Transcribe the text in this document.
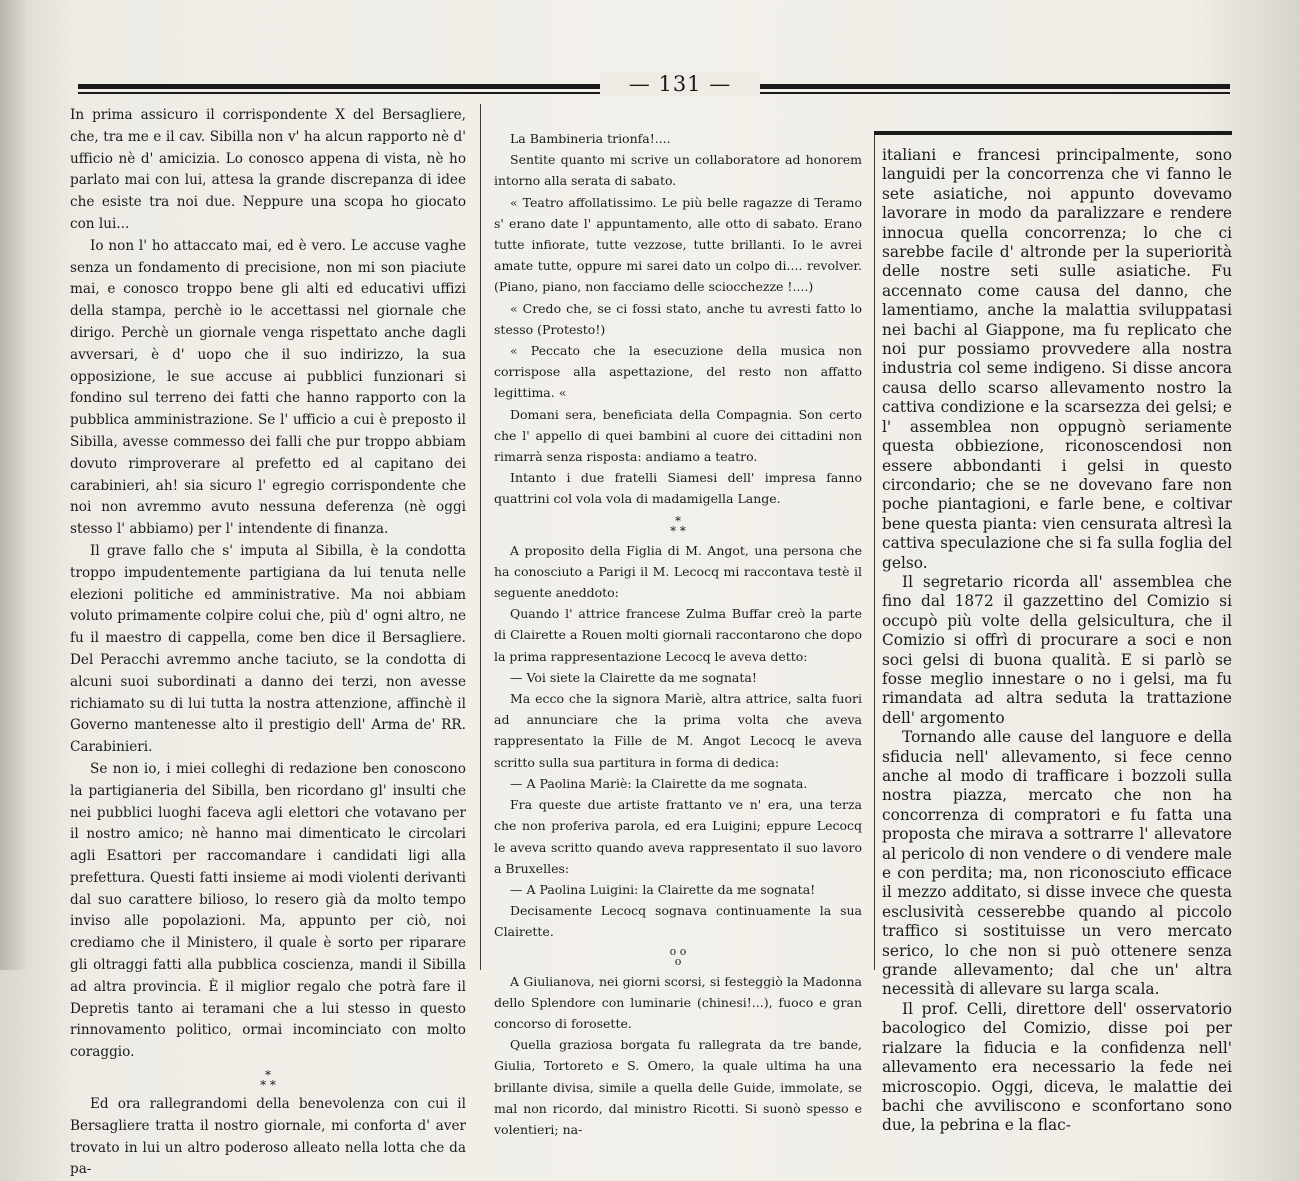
— 131 —

In prima assicuro il corrispondente X del Bersagliere, che, tra me e il cav. Sibilla non v' ha alcun rapporto nè d' ufficio nè d' amicizia. Lo conosco appena di vista, nè ho parlato mai con lui, attesa la grande discrepanza di idee che esiste tra noi due. Neppure una scopa ho giocato con lui...

Io non l' ho attaccato mai, ed è vero. Le accuse vaghe senza un fondamento di precisione, non mi son piaciute mai, e conosco troppo bene gli alti ed educativi uffizi della stampa, perchè io le accettassi nel giornale che dirigo. Perchè un giornale venga rispettato anche dagli avversari, è d' uopo che il suo indirizzo, la sua opposizione, le sue accuse ai pubblici funzionari si fondino sul terreno dei fatti che hanno rapporto con la pubblica amministrazione. Se l' ufficio a cui è preposto il Sibilla, avesse commesso dei falli che pur troppo abbiam dovuto rimproverare al prefetto ed al capitano dei carabinieri, ah! sia sicuro l' egregio corrispondente che noi non avremmo avuto nessuna deferenza (nè oggi stesso l' abbiamo) per l' intendente di finanza.

Il grave fallo che s' imputa al Sibilla, è la condotta troppo impudentemente partigiana da lui tenuta nelle elezioni politiche ed amministrative. Ma noi abbiam voluto primamente colpire colui che, più d' ogni altro, ne fu il maestro di cappella, come ben dice il Bersagliere. Del Peracchi avremmo anche taciuto, se la condotta di alcuni suoi subordinati a danno dei terzi, non avesse richiamato su di lui tutta la nostra attenzione, affinchè il Governo mantenesse alto il prestigio dell' Arma de' RR. Carabinieri.

Se non io, i miei colleghi di redazione ben conoscono la partigianeria del Sibilla, ben ricordano gl' insulti che nei pubblici luoghi faceva agli elettori che votavano per il nostro amico; nè hanno mai dimenticato le circolari agli Esattori per raccomandare i candidati ligi alla prefettura. Questi fatti insieme ai modi violenti derivanti dal suo carattere bilioso, lo resero già da molto tempo inviso alle popolazioni. Ma, appunto per ciò, noi crediamo che il Ministero, il quale è sorto per riparare gli oltraggi fatti alla pubblica coscienza, mandi il Sibilla ad altra provincia. È il miglior regalo che potrà fare il Depretis tanto ai teramani che a lui stesso in questo rinnovamento politico, ormai incominciato con molto coraggio.

*
* *

Ed ora rallegrandomi della benevolenza con cui il Bersagliere tratta il nostro giornale, mi conforta d' aver trovato in lui un altro poderoso alleato nella lotta che da pa-

La Bambineria trionfa!....

Sentite quanto mi scrive un collaboratore ad honorem intorno alla serata di sabato.

« Teatro affollatissimo. Le più belle ragazze di Teramo s' erano date l' appuntamento, alle otto di sabato. Erano tutte infiorate, tutte vezzose, tutte brillanti. Io le avrei amate tutte, oppure mi sarei dato un colpo di.... revolver. (Piano, piano, non facciamo delle sciocchezze !....)

« Credo che, se ci fossi stato, anche tu avresti fatto lo stesso (Protesto!)

« Peccato che la esecuzione della musica non corrispose alla aspettazione, del resto non affatto legittima. «

Domani sera, beneficiata della Compagnia. Son certo che l' appello di quei bambini al cuore dei cittadini non rimarrà senza risposta: andiamo a teatro.

Intanto i due fratelli Siamesi dell' impresa fanno quattrini col vola vola di madamigella Lange.

*
* *

A proposito della Figlia di M. Angot, una persona che ha conosciuto a Parigi il M. Lecocq mi raccontava testè il seguente aneddoto:

Quando l' attrice francese Zulma Buffar creò la parte di Clairette a Rouen molti giornali raccontarono che dopo la prima rappresentazione Lecocq le aveva detto:

— Voi siete la Clairette da me sognata!

Ma ecco che la signora Mariè, altra attrice, salta fuori ad annunciare che la prima volta che aveva rappresentato la Fille de M. Angot Lecocq le aveva scritto sulla sua partitura in forma di dedica:

— A Paolina Mariè: la Clairette da me sognata.

Fra queste due artiste frattanto ve n' era, una terza che non proferiva parola, ed era Luigini; eppure Lecocq le aveva scritto quando aveva rappresentato il suo lavoro a Bruxelles:

— A Paolina Luigini: la Clairette da me sognata!

Decisamente Lecocq sognava continuamente la sua Clairette.

o o
o

A Giulianova, nei giorni scorsi, si festeggiò la Madonna dello Splendore con luminarie (chinesi!...), fuoco e gran concorso di forosette.

Quella graziosa borgata fu rallegrata da tre bande, Giulia, Tortoreto e S. Omero, la quale ultima ha una brillante divisa, simile a quella delle Guide, immolate, se mal non ricordo, dal ministro Ricotti. Si suonò spesso e volentieri; na-

italiani e francesi principalmente, sono languidi per la concorrenza che vi fanno le sete asiatiche, noi appunto dovevamo lavorare in modo da paralizzare e rendere innocua quella concorrenza; lo che ci sarebbe facile d' altronde per la superiorità delle nostre seti sulle asiatiche. Fu accennato come causa del danno, che lamentiamo, anche la malattia sviluppatasi nei bachi al Giappone, ma fu replicato che noi pur possiamo provvedere alla nostra industria col seme indigeno. Si disse ancora causa dello scarso allevamento nostro la cattiva condizione e la scarsezza dei gelsi; e l' assemblea non oppugnò seriamente questa obbiezione, riconoscendosi non essere abbondanti i gelsi in questo circondario; che se ne dovevano fare non poche piantagioni, e farle bene, e coltivar bene questa pianta: vien censurata altresì la cattiva speculazione che si fa sulla foglia del gelso.

Il segretario ricorda all' assemblea che fino dal 1872 il gazzettino del Comizio si occupò più volte della gelsicultura, che il Comizio si offrì di procurare a soci e non soci gelsi di buona qualità. E si parlò se fosse meglio innestare o no i gelsi, ma fu rimandata ad altra seduta la trattazione dell' argomento

Tornando alle cause del languore e della sfiducia nell' allevamento, si fece cenno anche al modo di trafficare i bozzoli sulla nostra piazza, mercato che non ha concorrenza di compratori e fu fatta una proposta che mirava a sottrarre l' allevatore al pericolo di non vendere o di vendere male e con perdita; ma, non riconosciuto efficace il mezzo additato, si disse invece che questa esclusività cesserebbe quando al piccolo traffico si sostituisse un vero mercato serico, lo che non si può ottenere senza grande allevamento; dal che un' altra necessità di allevare su larga scala.

Il prof. Celli, direttore dell' osservatorio bacologico del Comizio, disse poi per rialzare la fiducia e la confidenza nell' allevamento era necessario la fede nei microscopio. Oggi, diceva, le malattie dei bachi che avviliscono e sconfortano sono due, la pebrina e la flac-
